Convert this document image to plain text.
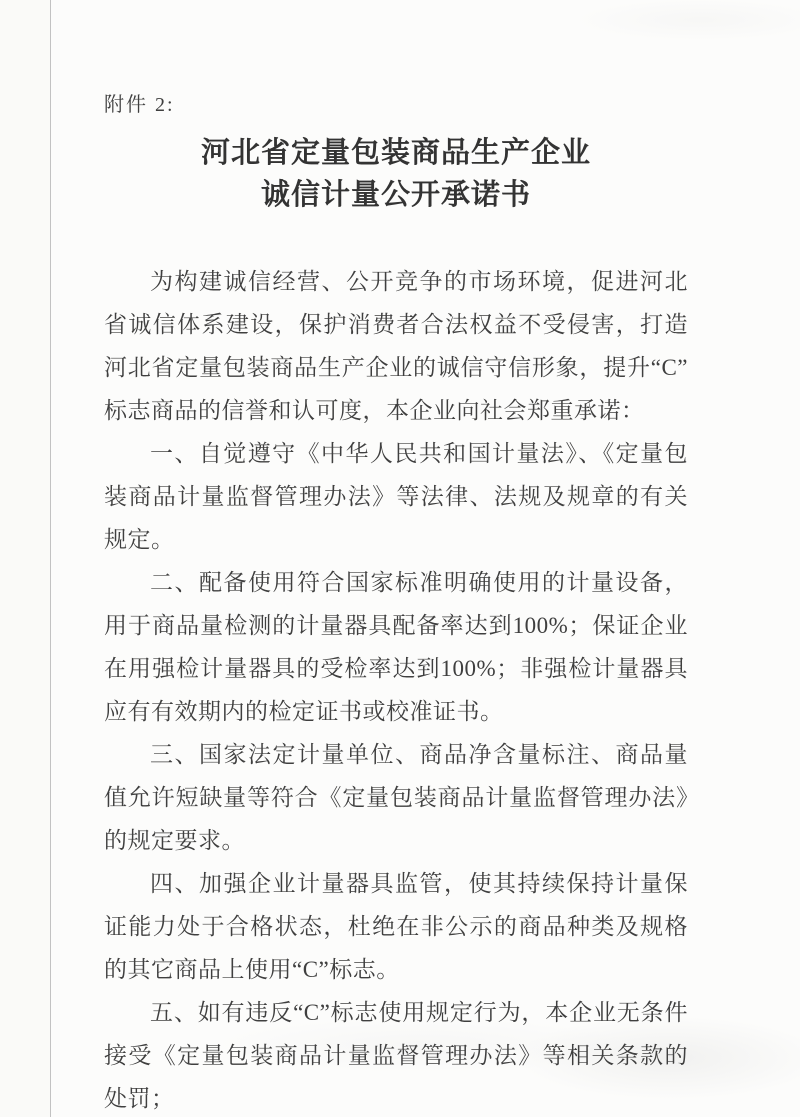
附件 2:
河北省定量包装商品生产企业
诚信计量公开承诺书

为构建诚信经营、公开竞争的市场环境，促进河北省诚信体系建设，保护消费者合法权益不受侵害，打造河北省定量包装商品生产企业的诚信守信形象，提升“C”标志商品的信誉和认可度，本企业向社会郑重承诺：

一、自觉遵守《中华人民共和国计量法》、《定量包装商品计量监督管理办法》等法律、法规及规章的有关规定。

二、配备使用符合国家标准明确使用的计量设备，用于商品量检测的计量器具配备率达到100%；保证企业在用强检计量器具的受检率达到100%；非强检计量器具应有有效期内的检定证书或校准证书。

三、国家法定计量单位、商品净含量标注、商品量值允许短缺量等符合《定量包装商品计量监督管理办法》的规定要求。

四、加强企业计量器具监管，使其持续保持计量保证能力处于合格状态，杜绝在非公示的商品种类及规格的其它商品上使用“C”标志。

五、如有违反“C”标志使用规定行为，本企业无条件接受《定量包装商品计量监督管理办法》等相关条款的处罚；
